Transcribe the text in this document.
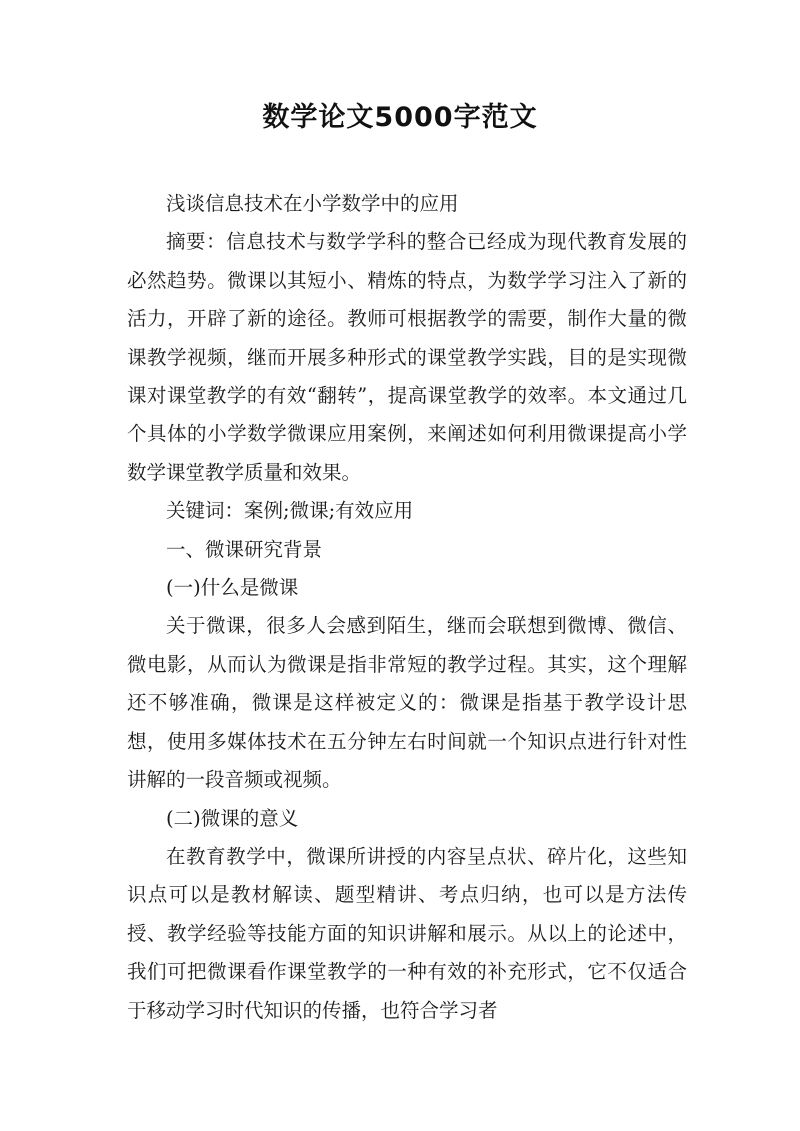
数学论文5000字范文

浅谈信息技术在小学数学中的应用

摘要：信息技术与数学学科的整合已经成为现代教育发展的必然趋势。微课以其短小、精炼的特点，为数学学习注入了新的活力，开辟了新的途径。教师可根据教学的需要，制作大量的微课教学视频，继而开展多种形式的课堂教学实践，目的是实现微课对课堂教学的有效“翻转”，提高课堂教学的效率。本文通过几个具体的小学数学微课应用案例，来阐述如何利用微课提高小学数学课堂教学质量和效果。

关键词：案例;微课;有效应用

一、微课研究背景

(一)什么是微课

关于微课，很多人会感到陌生，继而会联想到微博、微信、微电影，从而认为微课是指非常短的教学过程。其实，这个理解还不够准确，微课是这样被定义的：微课是指基于教学设计思想，使用多媒体技术在五分钟左右时间就一个知识点进行针对性讲解的一段音频或视频。

(二)微课的意义

在教育教学中，微课所讲授的内容呈点状、碎片化，这些知识点可以是教材解读、题型精讲、考点归纳，也可以是方法传授、教学经验等技能方面的知识讲解和展示。从以上的论述中，我们可把微课看作课堂教学的一种有效的补充形式，它不仅适合于移动学习时代知识的传播，也符合学习者
